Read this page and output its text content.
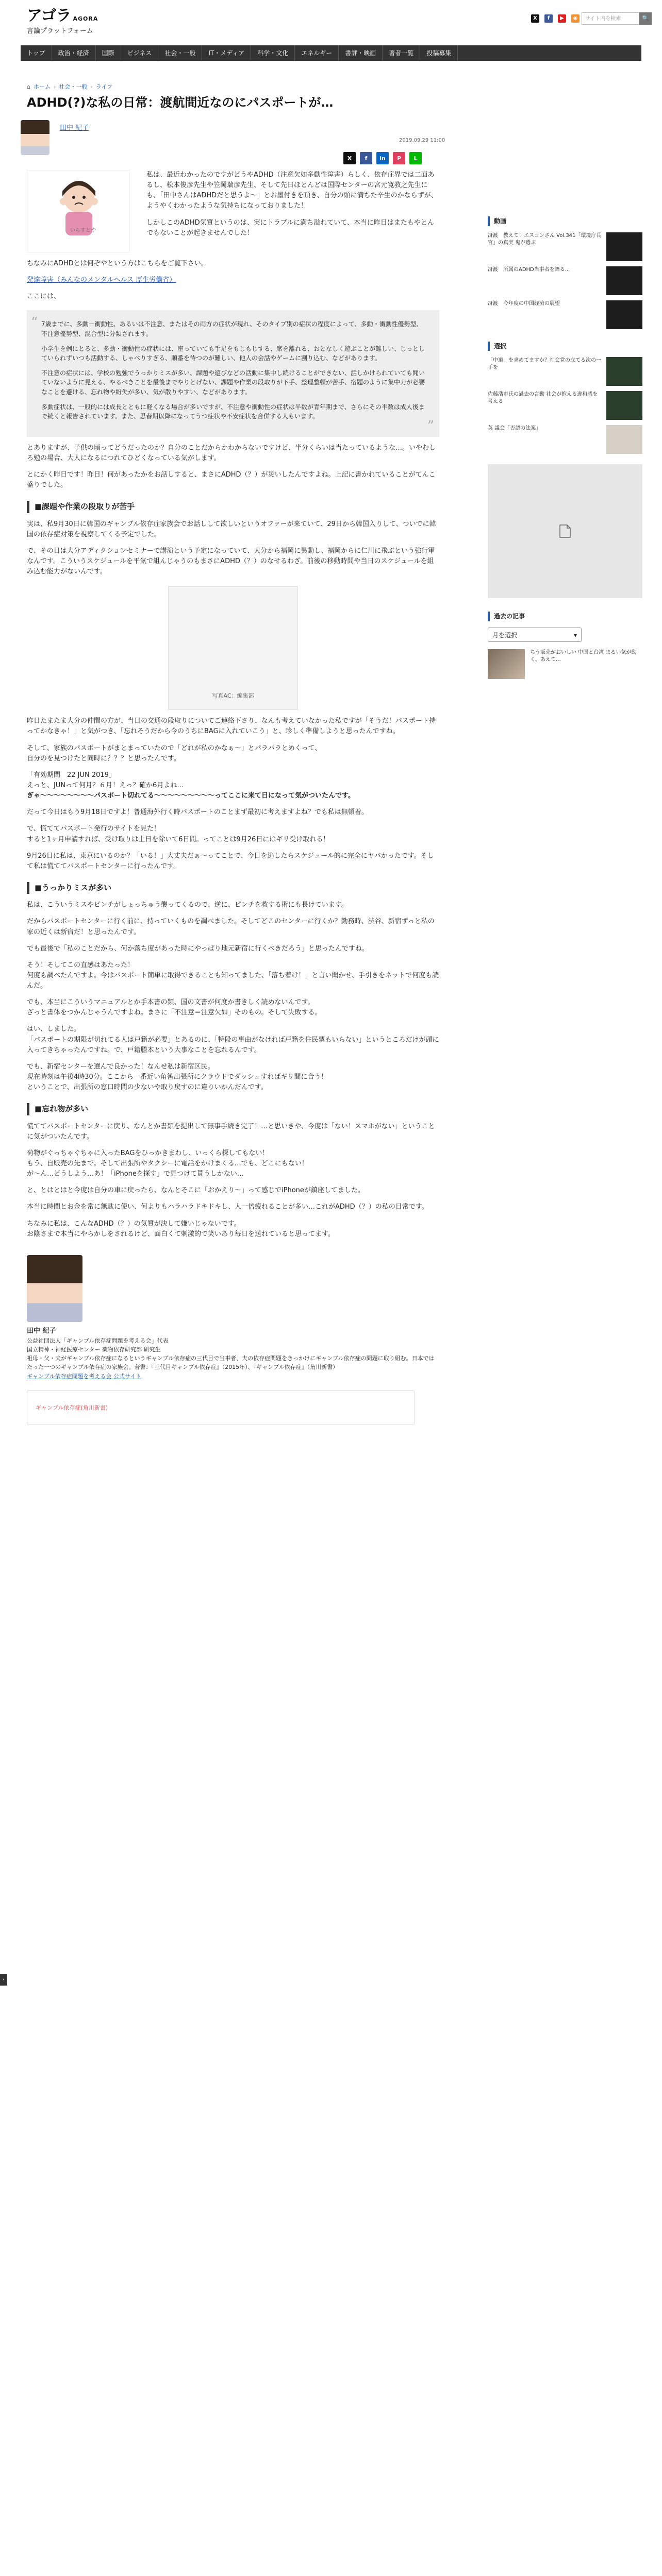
アゴラ AGORA
言論プラットフォーム
X	f	▶	◉	サイト内を検索	🔍
トップ	政治・経済	国際	ビジネス	社会・一般	IT・メディア	科学・文化	エネルギー	書評・映画	著者一覧	投稿募集
⌂ ホーム › 社会・一般 › ライフ
ADHD(?)な私の日常：渡航間近なのにパスポートが…
田中 紀子
2019.09.29 11:00
X	f	in	P	L
いらすとや
私は、最近わかったのですがどうやADHD（注意欠如多動性障害）らしく、依存症界では二面あるし、松本俊彦先生や笠岡瑞彦先生、そして先日ほとんどは国際センターの宮元寛教之先生にも、「田中さんはADHDだと思うよ〜」とお墨付きを頂き、自分の頭に満ちた辛生のかならずが、ようやくわかったような気持ちになっておりました！
しかしこのADHD気質というのは、実にトラブルに満ち溢れていて、本当に昨日はまたもやとんでもないことが起きませんでした！

ちなみにADHDとは何ぞやという方はこちらをご覧下さい。

発達障害（みんなのメンタルヘルス 厚生労働省）

ここには、

“ 7歳までに、多動－衝動性、あるいは不注意、またはその両方の症状が現れ、そのタイプ別の症状の程度によって、多動・衝動性優勢型、不注意優勢型、混合型に分類されます。

小学生を例にとると、多動・衝動性の症状には、座っていても手足をもじもじする、席を離れる、おとなしく遊ぶことが難しい、じっとしていられずいつも活動する、しゃべりすぎる、順番を待つのが難しい、他人の会話やゲームに割り込む、などがあります。

不注意の症状には、学校の勉強でうっかりミスが多い、課題や遊びなどの活動に集中し続けることができない、話しかけられていても聞いていないように見える、やるべきことを最後までやりとげない、課題や作業の段取りが下手、整理整頓が苦手、宿題のように集中力が必要なことを避ける、忘れ物や紛失が多い、気が散りやすい、などがあります。

多動症状は、一般的には成長とともに軽くなる場合が多いですが、不注意や衝動性の症状は半数が青年期まで、さらにその半数は成人後まで続くと報告されています。また、思春期以降になってうつ症状や不安症状を合併する人もいます。

”

とありますが、子供の頃ってどうだったのか？自分のことだからかわからないですけど、半分くらいは当たっているような…。いやむしろ勉の場合、大人になるにつれてひどくなっている気がします。

とにかく昨日です！昨日！何があったかをお話しすると、まさにADHD（？）が災いしたんですよね。上記に書かれていることがてんこ盛りでした。

■課題や作業の段取りが苦手

実は、私9月30日に韓国のギャンブル依存症家族会でお話しして欲しいというオファーが来ていて、29日から韓国入りして、ついでに韓国の依存症対策を視察してくる予定でした。

で、その日は大分アディクションセミナーで講演という予定になっていて、大分から福岡に異動し、福岡からに仁川に飛ぶという強行軍なんです。こういうスケジュールを平気で組んじゃうのもまさにADHD（？）のなせるわざ。前後の移動時間や当日のスケジュールを組み込む能力がないんです。

写真AC：編集部

昨日たまたま大分の仲間の方が、当日の交通の段取りについてご連絡下さり、なんも考えていなかった私ですが「そうだ！パスポート持ってかなきゃ！」と気がつき、「忘れそうだから今のうちにBAGに入れていこう」と、珍しく準備しようと思ったんですね。

そして、家族のパスポートがまとまっていたので「どれが私のかなぁ〜」とパラパラとめくって、

自分のを見つけたと同時に？？？と思ったんです。

「有効期間　22 JUN 2019」

えっと、JUNって何月？６月！えっ？確か6月よね…

ぎゃ〜〜〜〜〜〜〜〜パスポート切れてる〜〜〜〜〜〜〜〜〜ってここに来て日になって気がついたんです。

だって今日はもう9月18日ですよ！普通海外行く時パスポートのことまず最初に考えますよね？でも私は無頓着。

で、慌ててパスポート発行のサイトを見た！

すると1ヶ月申請すれば、受け取りは土日を除いて6日間。ってことは9月26日にはギリ受け取れる！

9月26日に私は、東京にいるのか？「いる！」大丈夫だぁ〜ってことで、今日を逃したらスケジュール的に完全にヤバかったです。そして私は慌ててパスポートセンターに行ったんです。

■うっかりミスが多い

私は、こういうミスやピンチがしょっちゅう襲ってくるので、逆に、ピンチを救する術にも長けています。

だからパスポートセンターに行く前に、持っていくものを調べました。そしてどこのセンターに行くか？勤務時、渋谷、新宿ずっと私の家の近くは新宿だ！と思ったんです。

でも最後で「私のことだから、何か落ち度があった時にやっぱり地元新宿に行くべきだろう」と思ったんですね。

そう！そしてこの直感はあたった！

何度も調べたんですよ。今はパスポート簡単に取得できることも知ってました、「落ち着け！」と言い聞かせ、手引きをネットで何度も読んだ。

でも、本当にこういうマニュアルとか手本書の類、国の文書が何度か書きしく読めないんです。

ざっと書体をつかんじゃうんですよね。まさに「不注意＝注意欠如」そのもの。そして失敗する。

はい、しました。

「パスポートの期限が切れてる人は戸籍が必要」とあるのに、「特段の事由がなければ戸籍を住民票もいらない」というところだけが頭に入ってきちゃったんですね。で、戸籍謄本という大事なことを忘れるんです。

でも、新宿センターを選んで良かった！なんせ私は新宿区民。

現在時刻は午後4時30分。ここから一番近い角筈出張所にクラウドでダッシュすればギリ間に合う！

ということで、出張所の窓口時間の少ないや取り戻すのに違りいかんだんです。

■忘れ物が多い

慌ててパスポートセンターに戻り、なんとか書類を提出して無事手続き完了！…と思いきや、今度は「ない！スマホがない」ということに気がついたんです。

荷物がぐっちゃぐちゃに入ったBAGをひっかきまわし、いっくら探してもない！

もう、自販売の先まで。そして出張所やタクシーに電話をかけまくる…でも、どこにもない！

が〜ん…どうしよう…あ！「iPhoneを探す」で見つけて貰うしかない…

と、とはとはと今度は自分の車に戻ったら、なんとそこに「おかえり〜」って感じでiPhoneが鎮座してました。

本当に時間とお金を常に無駄に使い、何よりもハラハラドキドキし、人一倍疲れることが多い…これがADHD（？）の私の日常です。

ちなみに私は、こんなADHD（？）の気質が決して嫌いじゃないです。

お陰さまで本当にやらかしをされるけど、面白くて刺激的で笑いあり毎日を送れていると思ってます。

田中 紀子
公益社団法人「ギャンブル依存症問題を考える会」代表
国立精神・神経医療センター 薬物依存研究部 研究生
祖母・父・夫がギャンブル依存症になるというギャンブル依存症の三代目で当事者、夫の依存症問題をきっかけにギャンブル依存症の問題に取り組む。日本ではたった一つのギャンブル依存症の家族会。著書：『三代目ギャンブル依存症』（2015年）、『ギャンブル依存症』（角川新書）
ギャンブル依存症問題を考える会 公式サイト
ギャンブル依存症(角川新書)
動画
冴渡　教えて！エスコンさん Vol.341「環境庁長官」の真実 鬼が選ぶ
冴渡　所属のADHD当事者を語る...
冴渡　今年度の中国経済の展望
選択
「中道」を求めてますか？社会党の立てる次の一手を
佐藤浩市氏の過去の言動 社会が抱える違和感を考える
英 議会「否認の法案」
過去の記事
月を選択	▾
ちう販売がおいしい 中国と台湾 まるい気が動く、あえて…
‹
